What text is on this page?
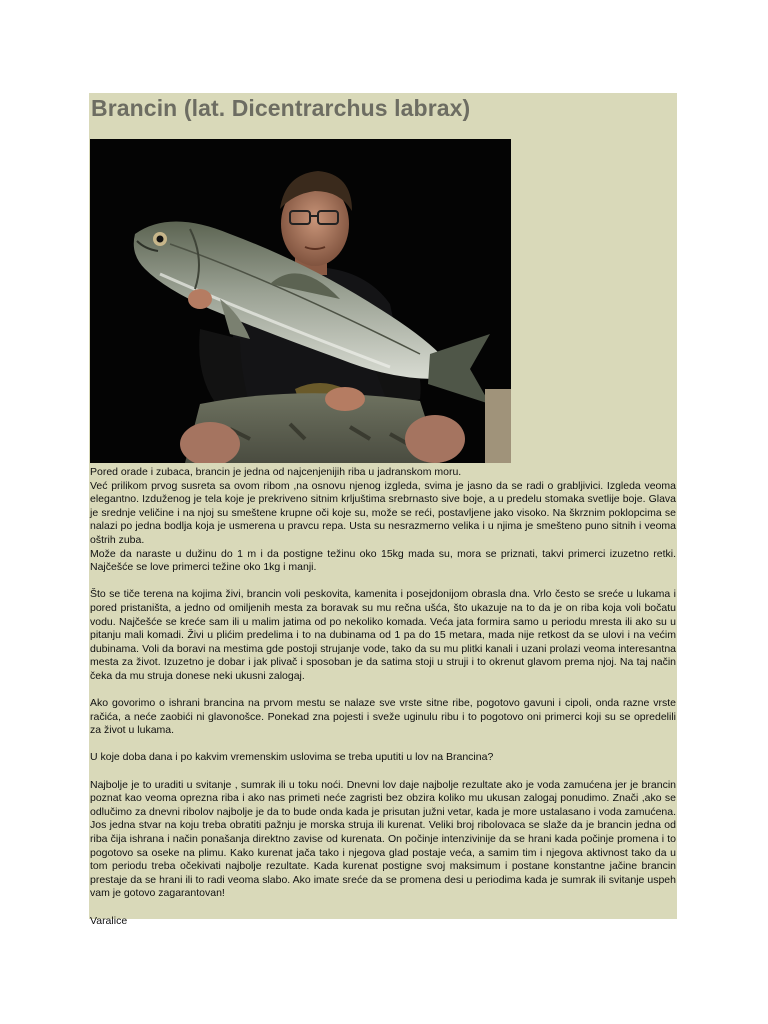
Brancin (lat. Dicentrarchus labrax)

Pored orade i zubaca, brancin je jedna od najcenjenijih riba u jadranskom moru.

Već prilikom prvog susreta sa ovom ribom ,na osnovu njenog izgleda, svima je jasno da se radi o grabljivici. Izgleda veoma elegantno. Izduženog je tela koje je prekriveno sitnim krljuštima srebrnasto sive boje, a u predelu stomaka svetlije boje. Glava je srednje veličine i na njoj su smeštene krupne oči koje su, može se reći, postavljene jako visoko. Na škrznim poklopcima se nalazi po jedna bodlja koja je usmerena u pravcu repa. Usta su nesrazmerno velika i u njima je smešteno puno sitnih i veoma oštrih zuba.

Može da naraste u dužinu do 1 m i da postigne težinu oko 15kg mada su, mora se priznati, takvi primerci izuzetno retki. Najčešće se love primerci težine oko 1kg i manji.

Što se tiče terena na kojima živi, brancin voli peskovita, kamenita i posejdonijom obrasla dna. Vrlo često se sreće u lukama i pored pristaništa, a jedno od omiljenih mesta za boravak su mu rečna ušća, što ukazuje na to da je on riba koja voli bočatu vodu. Najčešće se kreće sam ili u malim jatima od po nekoliko komada. Veća jata formira samo u periodu mresta ili ako su u pitanju mali komadi. Živi u plićim predelima i to na dubinama od 1 pa do 15 metara, mada nije retkost da se ulovi i na većim dubinama. Voli da boravi na mestima gde postoji strujanje vode, tako da su mu plitki kanali i uzani prolazi veoma interesantna mesta za život. Izuzetno je dobar i jak plivač i sposoban je da satima stoji u struji i to okrenut glavom prema njoj. Na taj način čeka da mu struja donese neki ukusni zalogaj.

Ako govorimo o ishrani brancina na prvom mestu se nalaze sve vrste sitne ribe, pogotovo gavuni i cipoli, onda razne vrste račića, a neće zaobići ni glavonošce. Ponekad zna pojesti i sveže uginulu ribu i to pogotovo oni primerci koji su se opredelili za život u lukama.

U koje doba dana i po kakvim vremenskim uslovima se treba uputiti u lov na Brancina?

Najbolje je to uraditi u svitanje , sumrak ili u toku noći. Dnevni lov daje najbolje rezultate ako je voda zamućena jer je brancin poznat kao veoma oprezna riba i ako nas primeti neće zagristi bez obzira koliko mu ukusan zalogaj ponudimo. Znači ,ako se odlučimo za dnevni ribolov najbolje je da to bude onda kada je prisutan južni vetar, kada je more ustalasano i voda zamućena. Jos jedna stvar na koju treba obratiti pažnju je morska struja ili kurenat. Veliki broj ribolovaca se slaže da je brancin jedna od riba čija ishrana i način ponašanja direktno zavise od kurenata. On počinje intenzivinije da se hrani kada počinje promena i to pogotovo sa oseke na plimu. Kako kurenat jača tako i njegova glad postaje veća, a samim tim i njegova aktivnost tako da u tom periodu treba očekivati najbolje rezultate. Kada kurenat postigne svoj maksimum i postane konstantne jačine brancin prestaje da se hrani ili to radi veoma slabo. Ako imate sreće da se promena desi u periodima kada je sumrak ili svitanje uspeh vam je gotovo zagarantovan!

Varalice
